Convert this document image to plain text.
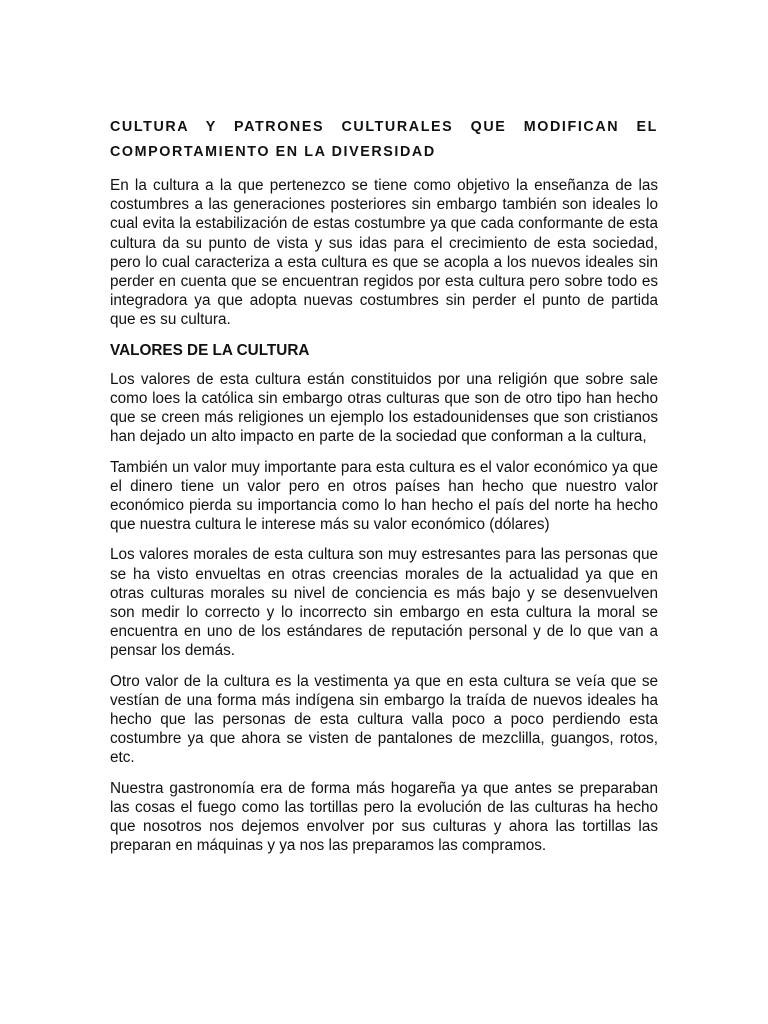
CULTURA Y PATRONES CULTURALES QUE MODIFICAN EL
COMPORTAMIENTO EN LA DIVERSIDAD

En la cultura a la que pertenezco se tiene como objetivo la enseñanza de las costumbres a las generaciones posteriores sin embargo también son ideales lo cual evita la estabilización de estas costumbre ya que cada conformante de esta cultura da su punto de vista y sus idas para el crecimiento de esta sociedad, pero lo cual caracteriza a esta cultura es que se acopla a los nuevos ideales sin perder en cuenta que se encuentran regidos por esta cultura pero sobre todo es integradora ya que adopta nuevas costumbres sin perder el punto de partida que es su cultura.

VALORES DE LA CULTURA

Los valores de esta cultura están constituidos por una religión que sobre sale como loes la católica sin embargo otras culturas que son de otro tipo han hecho que se creen más religiones un ejemplo los estadounidenses que son cristianos han dejado un alto impacto en parte de la sociedad que conforman a la cultura,

También un valor muy importante para esta cultura es el valor económico ya que el dinero tiene un valor pero en otros países han hecho que nuestro valor económico pierda su importancia como lo han hecho el país del norte ha hecho que nuestra cultura le interese más su valor económico (dólares)

Los valores morales de esta cultura son muy estresantes para las personas que se ha visto envueltas en otras creencias morales de la actualidad ya que en otras culturas morales su nivel de conciencia es más bajo y se desenvuelven son medir lo correcto y lo incorrecto sin embargo en esta cultura la moral se encuentra en uno de los estándares de reputación personal y de lo que van a pensar los demás.

Otro valor de la cultura es la vestimenta ya que en esta cultura se veía que se vestían de una forma más indígena sin embargo la traída de nuevos ideales ha hecho que las personas de esta cultura valla poco a poco perdiendo esta costumbre ya que ahora se visten de pantalones de mezclilla, guangos, rotos, etc.

Nuestra gastronomía era de forma más hogareña ya que antes se preparaban las cosas el fuego como las tortillas pero la evolución de las culturas ha hecho que nosotros nos dejemos envolver por sus culturas y ahora las tortillas las preparan en máquinas y ya nos las preparamos las compramos.
